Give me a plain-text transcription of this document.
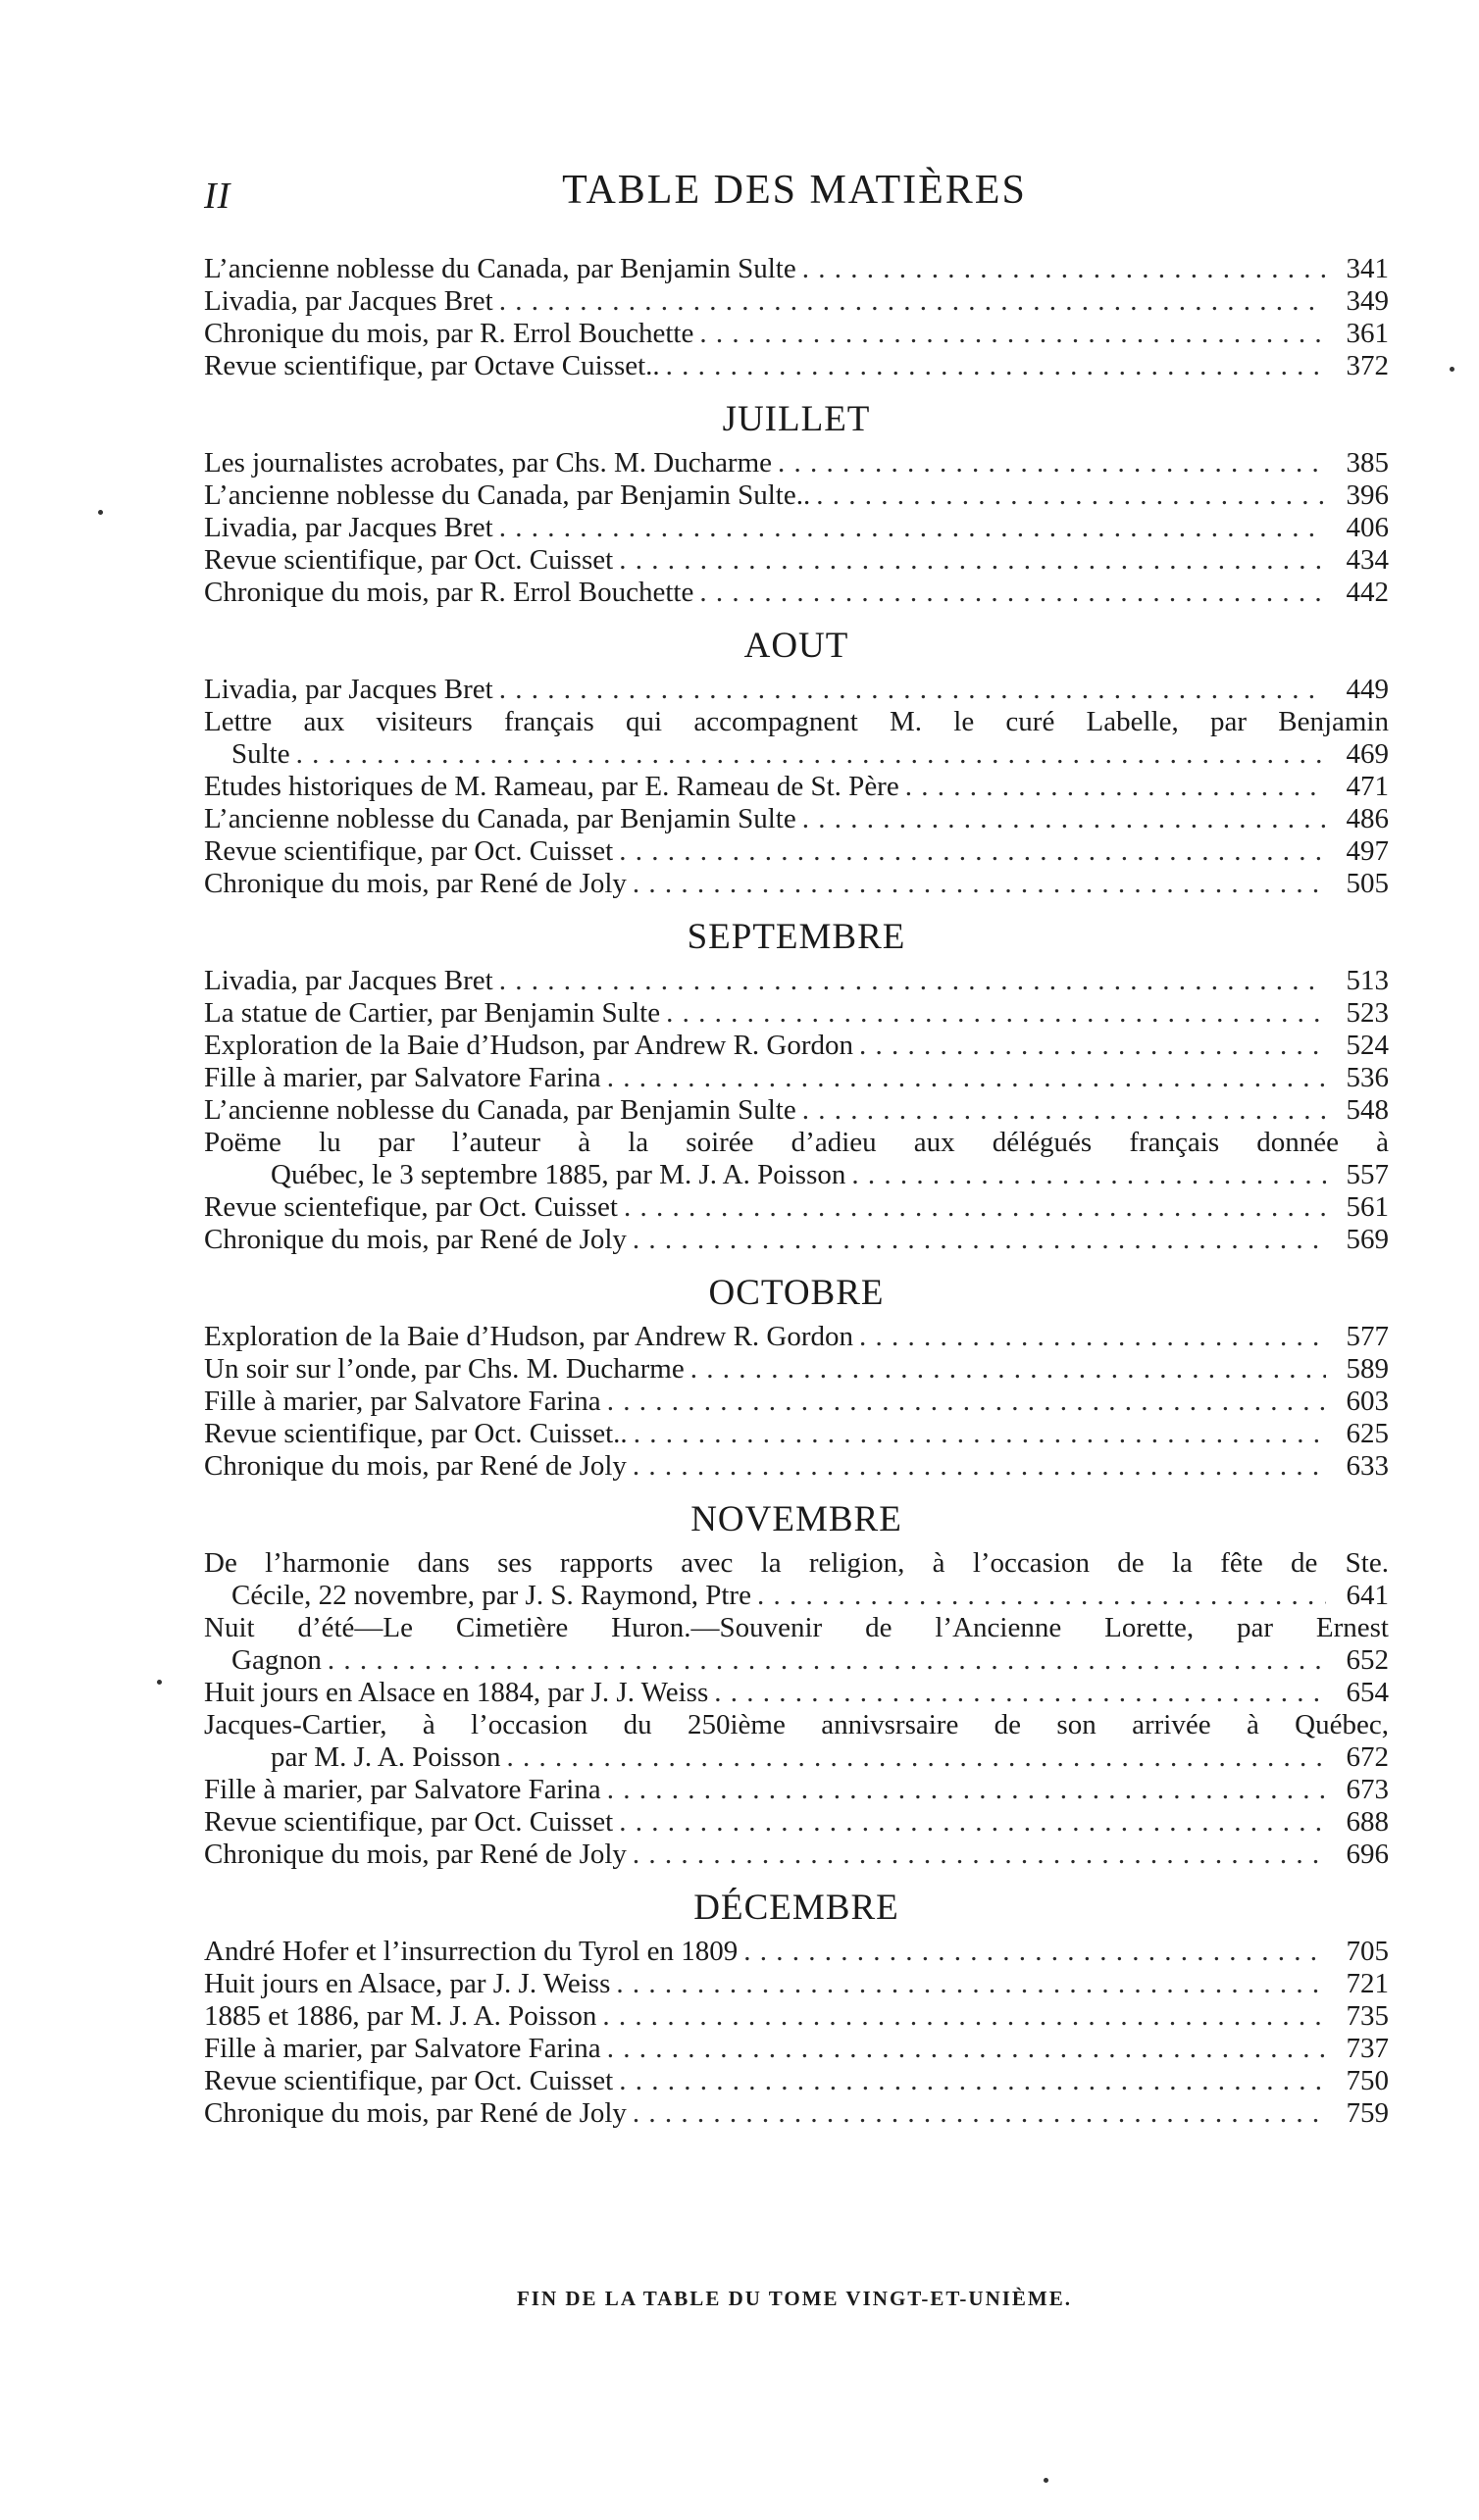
II	TABLE DES MATIÈRES
L’ancienne noblesse du Canada, par Benjamin Sulte . . .	341
Livadia, par Jacques Bret . . .	349
Chronique du mois, par R. Errol Bouchette . . .	361
Revue scientifique, par Octave Cuisset.. . . .	372
JUILLET
Les journalistes acrobates, par Chs. M. Ducharme . . .	385
L’ancienne noblesse du Canada, par Benjamin Sulte.. . . .	396
Livadia, par Jacques Bret . . .	406
Revue scientifique, par Oct. Cuisset . . .	434
Chronique du mois, par R. Errol Bouchette . . .	442
AOUT
Livadia, par Jacques Bret . . .	449
Lettre aux visiteurs français qui accompagnent M. le curé Labelle, par Benjamin
Sulte . . .	469
Etudes historiques de M. Rameau, par E. Rameau de St. Père . . .	471
L’ancienne noblesse du Canada, par Benjamin Sulte . . .	486
Revue scientifique, par Oct. Cuisset . . .	497
Chronique du mois, par René de Joly . . .	505
SEPTEMBRE
Livadia, par Jacques Bret . . .	513
La statue de Cartier, par Benjamin Sulte . . .	523
Exploration de la Baie d’Hudson, par Andrew R. Gordon . . .	524
Fille à marier, par Salvatore Farina . . .	536
L’ancienne noblesse du Canada, par Benjamin Sulte . . .	548
Poëme lu par l’auteur à la soirée d’adieu aux délégués français donnée à
Québec, le 3 septembre 1885, par M. J. A. Poisson . . .	557
Revue scientefique, par Oct. Cuisset . . .	561
Chronique du mois, par René de Joly . . .	569
OCTOBRE
Exploration de la Baie d’Hudson, par Andrew R. Gordon . . .	577
Un soir sur l’onde, par Chs. M. Ducharme . . .	589
Fille à marier, par Salvatore Farina . . .	603
Revue scientifique, par Oct. Cuisset.. . . .	625
Chronique du mois, par René de Joly . . .	633
NOVEMBRE
De l’harmonie dans ses rapports avec la religion, à l’occasion de la fête de Ste.
Cécile, 22 novembre, par J. S. Raymond, Ptre . . .	641
Nuit d’été—Le Cimetière Huron.—Souvenir de l’Ancienne Lorette, par Ernest
Gagnon . . .	652
Huit jours en Alsace en 1884, par J. J. Weiss . . .	654
Jacques-Cartier, à l’occasion du 250ième annivsrsaire de son arrivée à Québec,
par M. J. A. Poisson . . .	672
Fille à marier, par Salvatore Farina . . .	673
Revue scientifique, par Oct. Cuisset . . .	688
Chronique du mois, par René de Joly . . .	696
DÉCEMBRE
André Hofer et l’insurrection du Tyrol en 1809 . . .	705
Huit jours en Alsace, par J. J. Weiss . . .	721
1885 et 1886, par M. J. A. Poisson . . .	735
Fille à marier, par Salvatore Farina . . .	737
Revue scientifique, par Oct. Cuisset . . .	750
Chronique du mois, par René de Joly . . .	759
FIN DE LA TABLE DU TOME VINGT-ET-UNIÈME.
